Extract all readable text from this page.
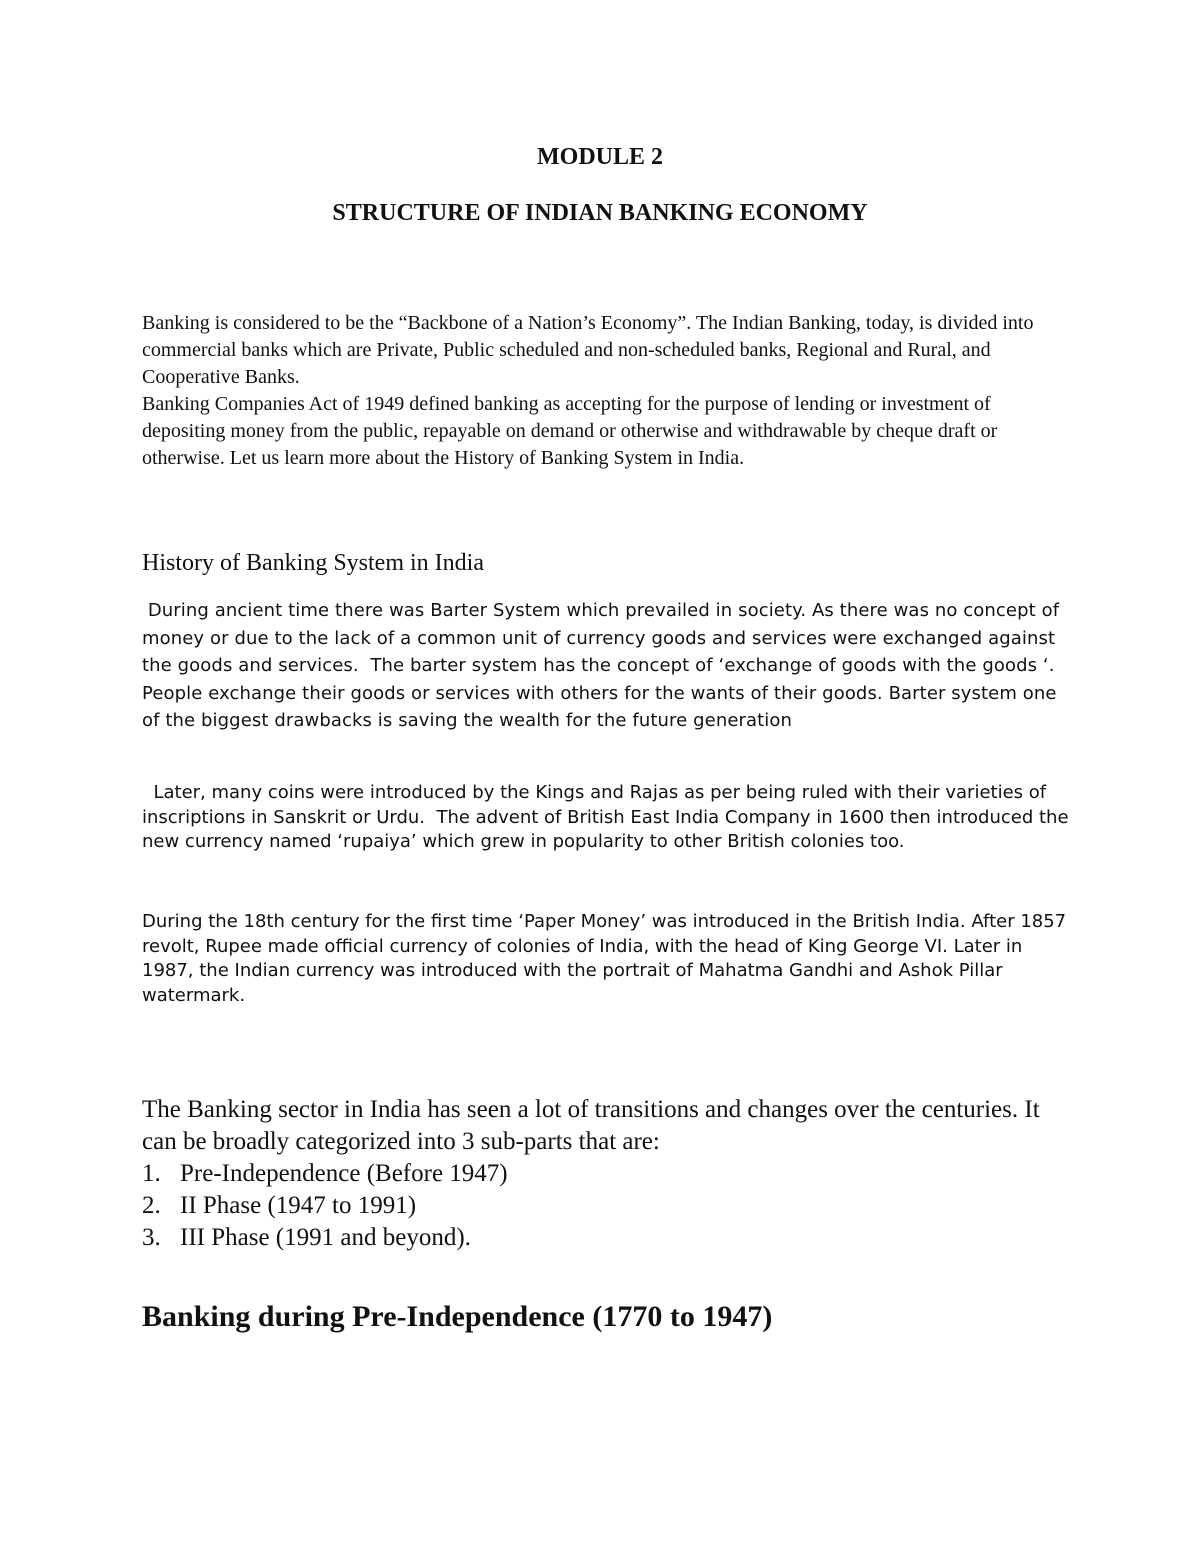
MODULE 2
STRUCTURE OF INDIAN BANKING ECONOMY

Banking is considered to be the “Backbone of a Nation’s Economy”. The Indian Banking, today, is divided into commercial banks which are Private, Public scheduled and non-scheduled banks, Regional and Rural, and Cooperative Banks.

Banking Companies Act of 1949 defined banking as accepting for the purpose of lending or investment of depositing money from the public, repayable on demand or otherwise and withdrawable by cheque draft or otherwise. Let us learn more about the History of Banking System in India.

History of Banking System in India

During ancient time there was Barter System which prevailed in society. As there was no concept of money or due to the lack of a common unit of currency goods and services were exchanged against the goods and services.  The barter system has the concept of ‘exchange of goods with the goods ‘. People exchange their goods or services with others for the wants of their goods. Barter system one of the biggest drawbacks is saving the wealth for the future generation

Later, many coins were introduced by the Kings and Rajas as per being ruled with their varieties of inscriptions in Sanskrit or Urdu.  The advent of British East India Company in 1600 then introduced the new currency named ‘rupaiya’ which grew in popularity to other British colonies too.

During the 18th century for the first time ‘Paper Money’ was introduced in the British India. After 1857 revolt, Rupee made official currency of colonies of India, with the head of King George VI. Later in 1987, the Indian currency was introduced with the portrait of Mahatma Gandhi and Ashok Pillar watermark.

The Banking sector in India has seen a lot of transitions and changes over the centuries. It can be broadly categorized into 3 sub-parts that are:

1. Pre-Independence (Before 1947)
2. II Phase (1947 to 1991)
3. III Phase (1991 and beyond).
Banking during Pre-Independence (1770 to 1947)
